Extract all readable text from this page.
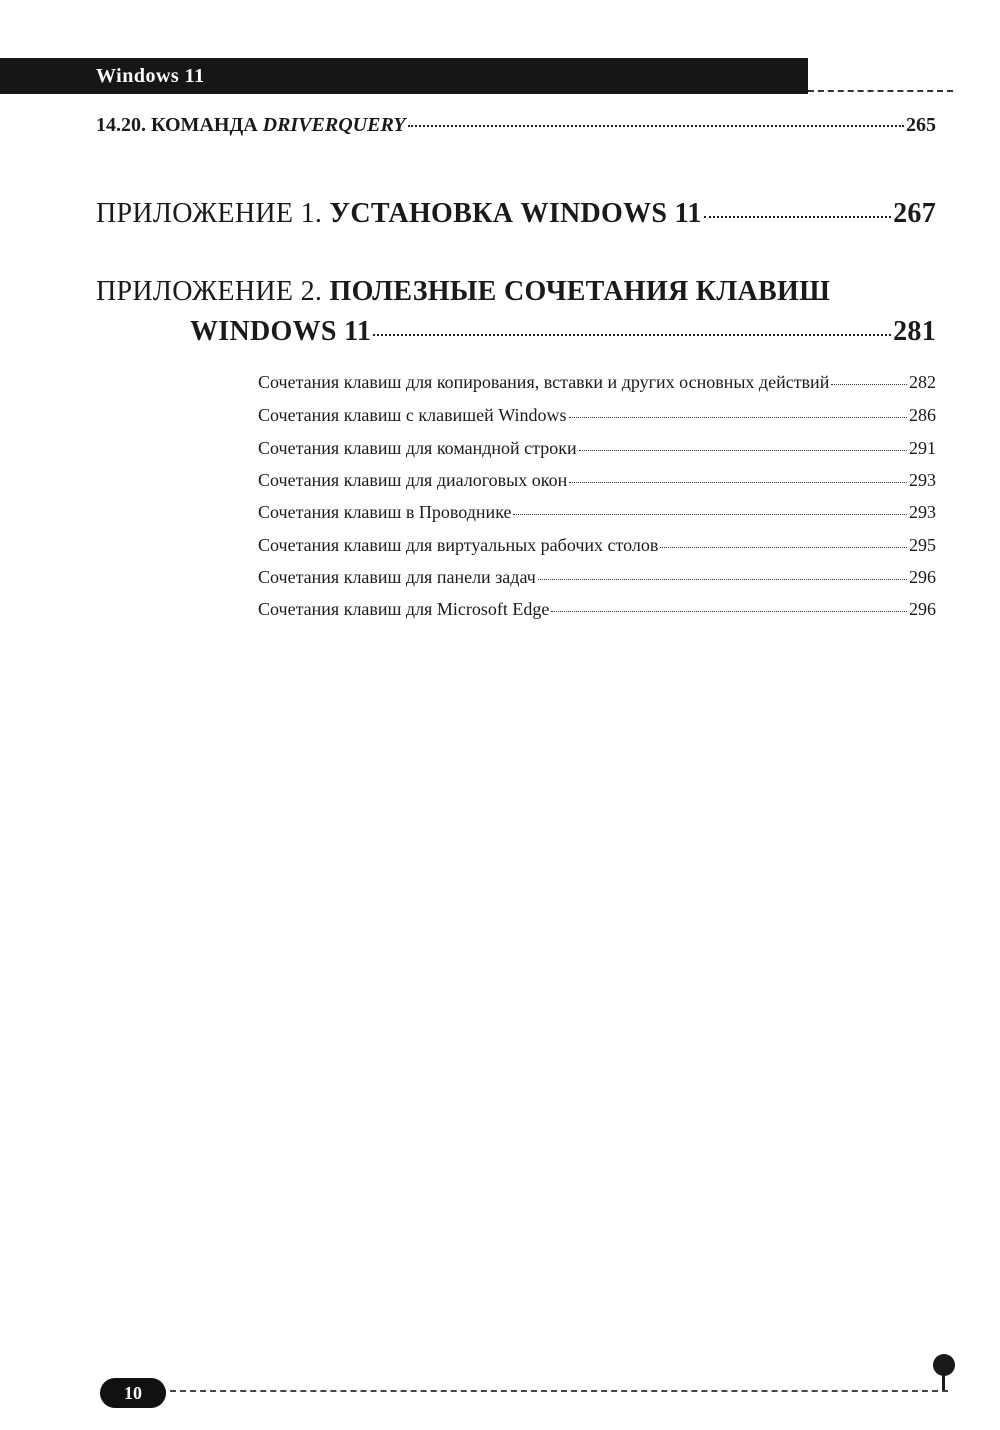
Windows 11
14.20. КОМАНДА DRIVERQUERY	265
ПРИЛОЖЕНИЕ 1. УСТАНОВКА WINDOWS 11	267
ПРИЛОЖЕНИЕ 2. ПОЛЕЗНЫЕ СОЧЕТАНИЯ КЛАВИШ
WINDOWS 11	281
Сочетания клавиш для копирования, вставки и других основных действий	282
Сочетания клавиш с клавишей Windows	286
Сочетания клавиш для командной строки	291
Сочетания клавиш для диалоговых окон	293
Сочетания клавиш в Проводнике	293
Сочетания клавиш для виртуальных рабочих столов	295
Сочетания клавиш для панели задач	296
Сочетания клавиш для Microsoft Edge	296
10
